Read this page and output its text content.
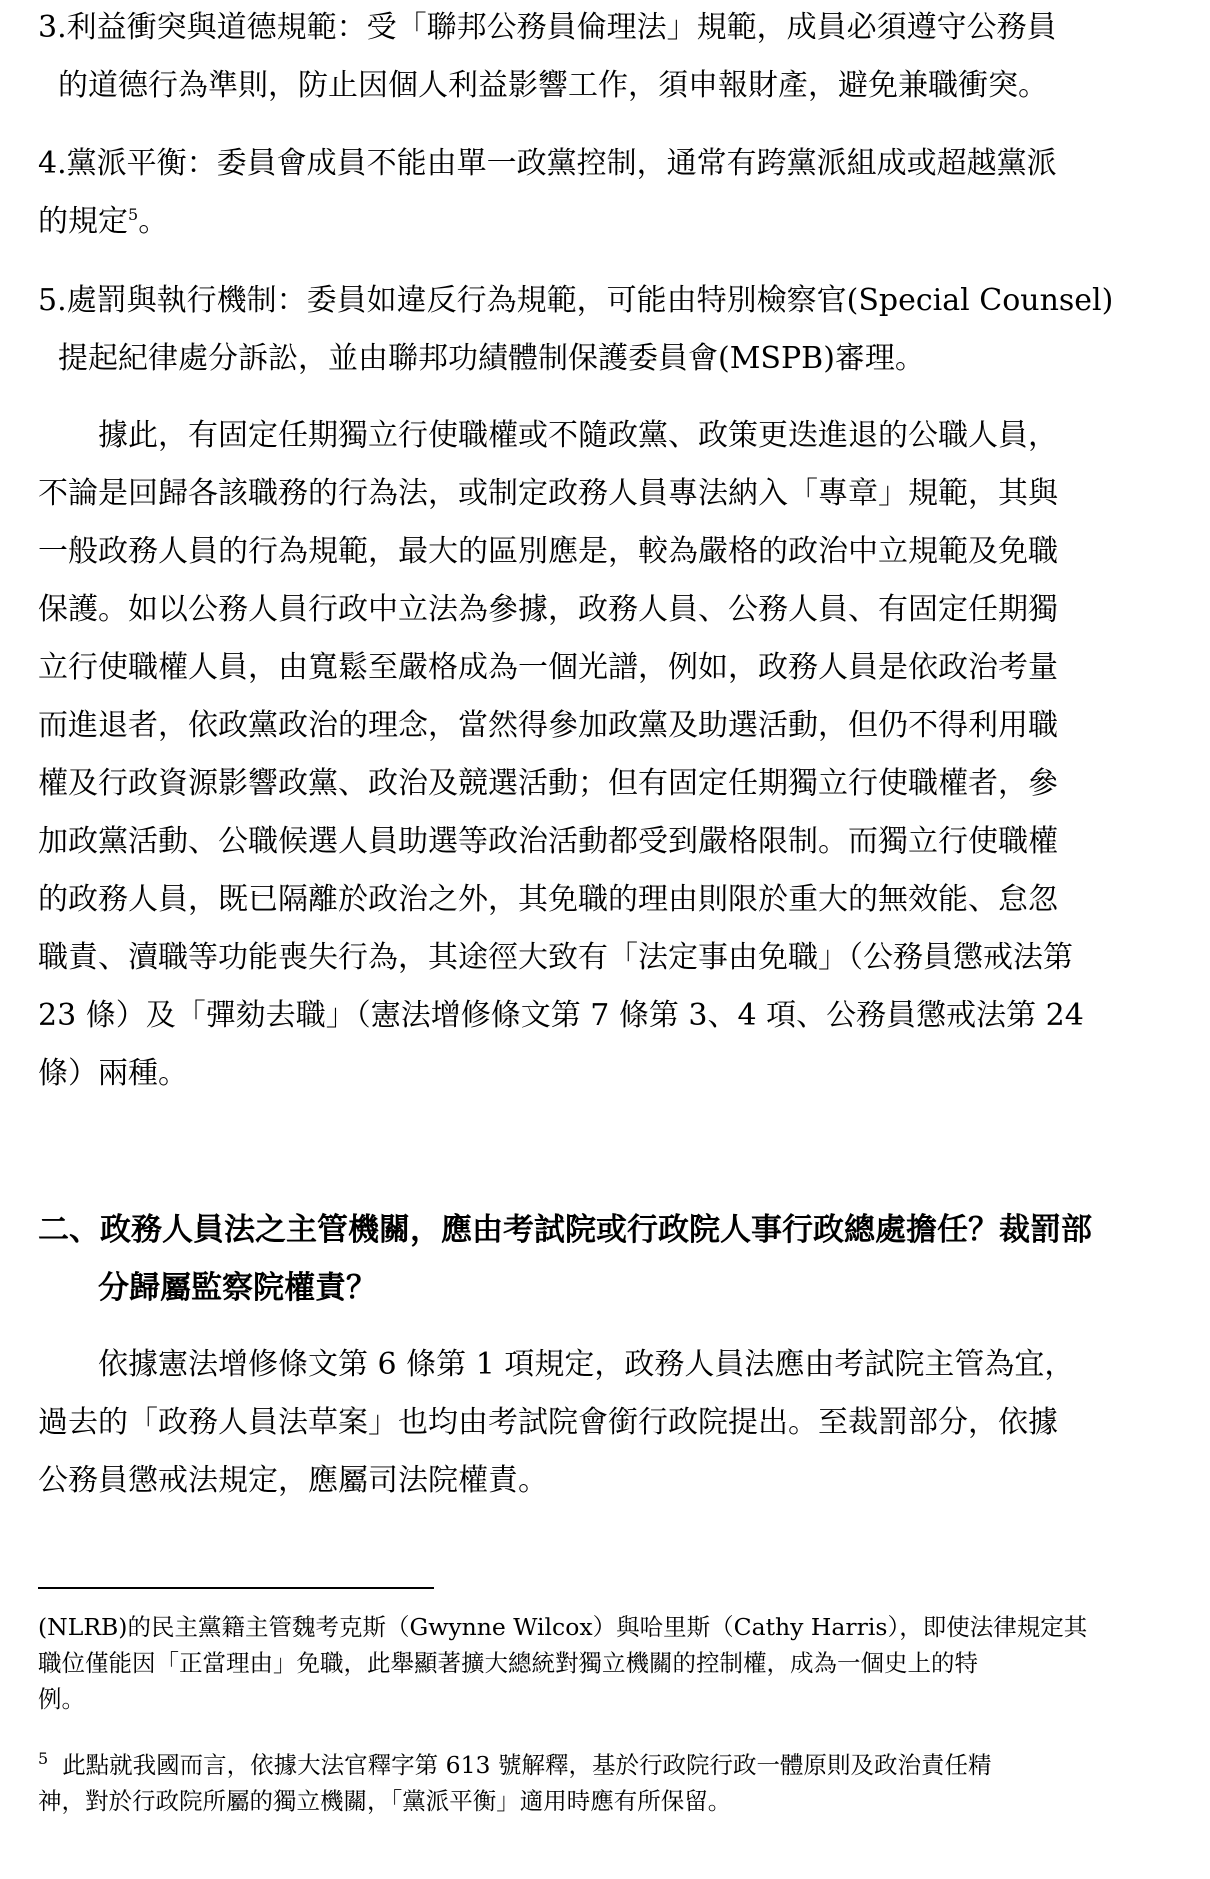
3.利益衝突與道德規範：受「聯邦公務員倫理法」規範，成員必須遵守公務員
的道德行為準則，防止因個人利益影響工作，須申報財產，避免兼職衝突。
4.黨派平衡：委員會成員不能由單一政黨控制，通常有跨黨派組成或超越黨派
的規定$^5$。
5.處罰與執行機制：委員如違反行為規範，可能由特別檢察官(Special Counsel)
提起紀律處分訴訟，並由聯邦功績體制保護委員會(MSPB)審理。
據此，有固定任期獨立行使職權或不隨政黨、政策更迭進退的公職人員，
不論是回歸各該職務的行為法，或制定政務人員專法納入「專章」規範，其與
一般政務人員的行為規範，最大的區別應是，較為嚴格的政治中立規範及免職
保護。如以公務人員行政中立法為參據，政務人員、公務人員、有固定任期獨
立行使職權人員，由寬鬆至嚴格成為一個光譜，例如，政務人員是依政治考量
而進退者，依政黨政治的理念，當然得參加政黨及助選活動，但仍不得利用職
權及行政資源影響政黨、政治及競選活動；但有固定任期獨立行使職權者，參
加政黨活動、公職候選人員助選等政治活動都受到嚴格限制。而獨立行使職權
的政務人員，既已隔離於政治之外，其免職的理由則限於重大的無效能、怠忽
職責、瀆職等功能喪失行為，其途徑大致有「法定事由免職」（公務員懲戒法第
23 條）及「彈劾去職」（憲法增修條文第 7 條第 3、4 項、公務員懲戒法第 24
條）兩種。
二、政務人員法之主管機關，應由考試院或行政院人事行政總處擔任？裁罰部
分歸屬監察院權責？
依據憲法增修條文第 6 條第 1 項規定，政務人員法應由考試院主管為宜，
過去的「政務人員法草案」也均由考試院會銜行政院提出。至裁罰部分，依據
公務員懲戒法規定，應屬司法院權責。
(NLRB)的民主黨籍主管魏考克斯（Gwynne Wilcox）與哈里斯（Cathy Harris），即使法律規定其
職位僅能因「正當理由」免職，此舉顯著擴大總統對獨立機關的控制權，成為一個史上的特
例。
$^5$ 此點就我國而言，依據大法官釋字第 613 號解釋，基於行政院行政一體原則及政治責任精
神，對於行政院所屬的獨立機關，「黨派平衡」適用時應有所保留。
